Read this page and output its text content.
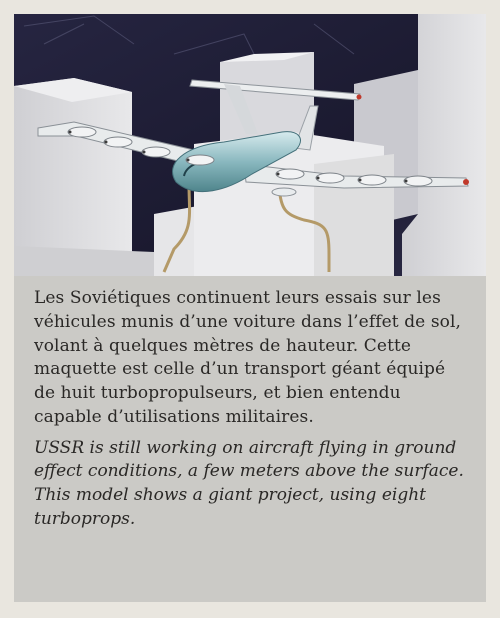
Les Soviétiques continuent leurs essais sur les véhicules munis d’une voiture dans l’effet de sol, volant à quelques mètres de hauteur. Cette maquette est celle d’un transport géant équipé de huit turbopropulseurs, et bien entendu capable d’utilisations militaires.

USSR is still working on aircraft flying in ground effect conditions, a few meters above the surface. This model shows a giant project, using eight turboprops.
